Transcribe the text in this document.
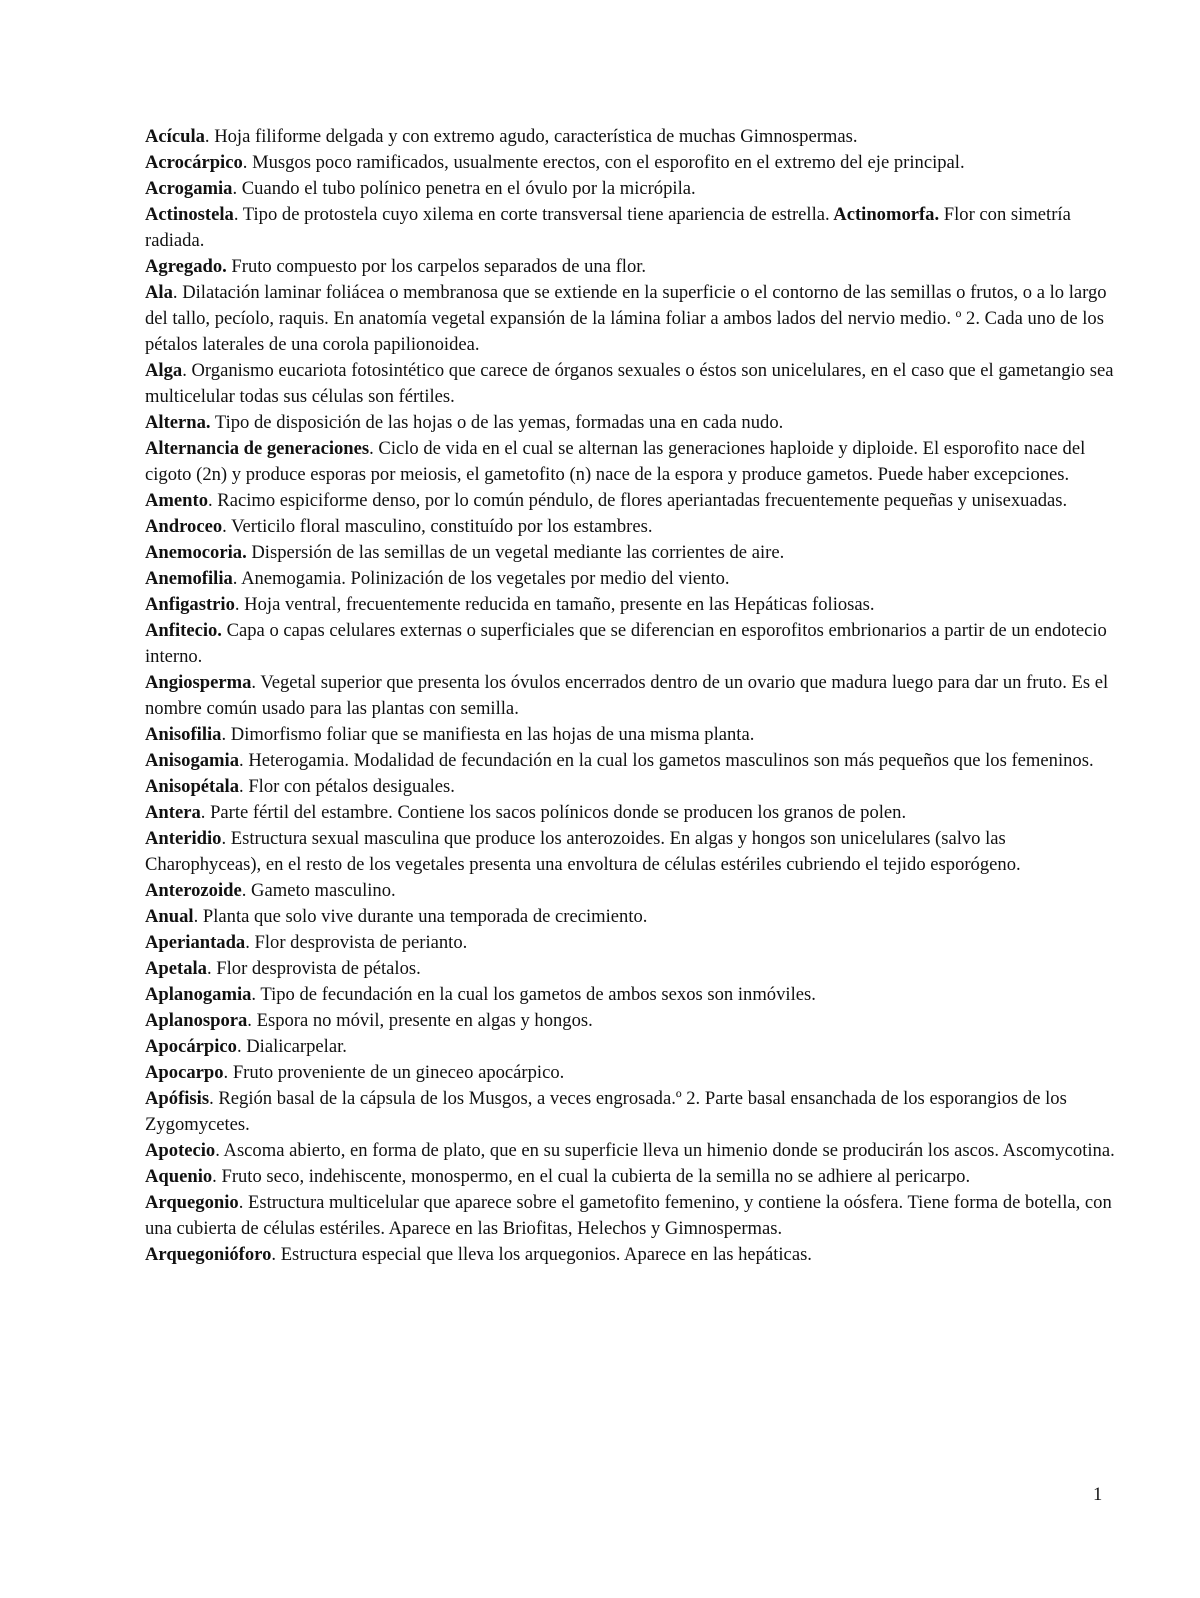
Acícula. Hoja filiforme delgada y con extremo agudo, característica de muchas Gimnospermas.

Acrocárpico. Musgos poco ramificados, usualmente erectos, con el esporofito en el extremo del eje principal.

Acrogamia. Cuando el tubo polínico penetra en el óvulo por la micrópila.

Actinostela. Tipo de protostela cuyo xilema en corte transversal tiene apariencia de estrella. Actinomorfa. Flor con simetría radiada.

Agregado. Fruto compuesto por los carpelos separados de una flor.

Ala. Dilatación laminar foliácea o membranosa que se extiende en la superficie o el contorno de las semillas o frutos, o a lo largo del tallo, pecíolo, raquis. En anatomía vegetal expansión de la lámina foliar a ambos lados del nervio medio. º 2. Cada uno de los pétalos laterales de una corola papilionoidea.

Alga. Organismo eucariota fotosintético que carece de órganos sexuales o éstos son unicelulares, en el caso que el gametangio sea multicelular todas sus células son fértiles.

Alterna. Tipo de disposición de las hojas o de las yemas, formadas una en cada nudo.

Alternancia de generaciones. Ciclo de vida en el cual se alternan las generaciones haploide y diploide. El esporofito nace del cigoto (2n) y produce esporas por meiosis, el gametofito (n) nace de la espora y produce gametos. Puede haber excepciones.

Amento. Racimo espiciforme denso, por lo común péndulo, de flores aperiantadas frecuentemente pequeñas y unisexuadas.

Androceo. Verticilo floral masculino, constituído por los estambres.

Anemocoria. Dispersión de las semillas de un vegetal mediante las corrientes de aire.

Anemofilia. Anemogamia. Polinización de los vegetales por medio del viento.

Anfigastrio. Hoja ventral, frecuentemente reducida en tamaño, presente en las Hepáticas foliosas.

Anfitecio. Capa o capas celulares externas o superficiales que se diferencian en esporofitos embrionarios a partir de un endotecio interno.

Angiosperma. Vegetal superior que presenta los óvulos encerrados dentro de un ovario que madura luego para dar un fruto. Es el nombre común usado para las plantas con semilla.

Anisofilia. Dimorfismo foliar que se manifiesta en las hojas de una misma planta.

Anisogamia. Heterogamia. Modalidad de fecundación en la cual los gametos masculinos son más pequeños que los femeninos.

Anisopétala. Flor con pétalos desiguales.

Antera. Parte fértil del estambre. Contiene los sacos polínicos donde se producen los granos de polen.

Anteridio. Estructura sexual masculina que produce los anterozoides. En algas y hongos son unicelulares (salvo las Charophyceas), en el resto de los vegetales presenta una envoltura de células estériles cubriendo el tejido esporógeno.

Anterozoide. Gameto masculino.

Anual. Planta que solo vive durante una temporada de crecimiento.

Aperiantada. Flor desprovista de perianto.

Apetala. Flor desprovista de pétalos.

Aplanogamia. Tipo de fecundación en la cual los gametos de ambos sexos son inmóviles.

Aplanospora. Espora no móvil, presente en algas y hongos.

Apocárpico. Dialicarpelar.

Apocarpo. Fruto proveniente de un gineceo apocárpico.

Apófisis. Región basal de la cápsula de los Musgos, a veces engrosada.º 2. Parte basal ensanchada de los esporangios de los Zygomycetes.

Apotecio. Ascoma abierto, en forma de plato, que en su superficie lleva un himenio donde se producirán los ascos. Ascomycotina.

Aquenio. Fruto seco, indehiscente, monospermo, en el cual la cubierta de la semilla no se adhiere al pericarpo.

Arquegonio. Estructura multicelular que aparece sobre el gametofito femenino, y contiene la oósfera. Tiene forma de botella, con una cubierta de células estériles. Aparece en las Briofitas, Helechos y Gimnospermas.

Arquegonióforo. Estructura especial que lleva los arquegonios. Aparece en las hepáticas.

1
